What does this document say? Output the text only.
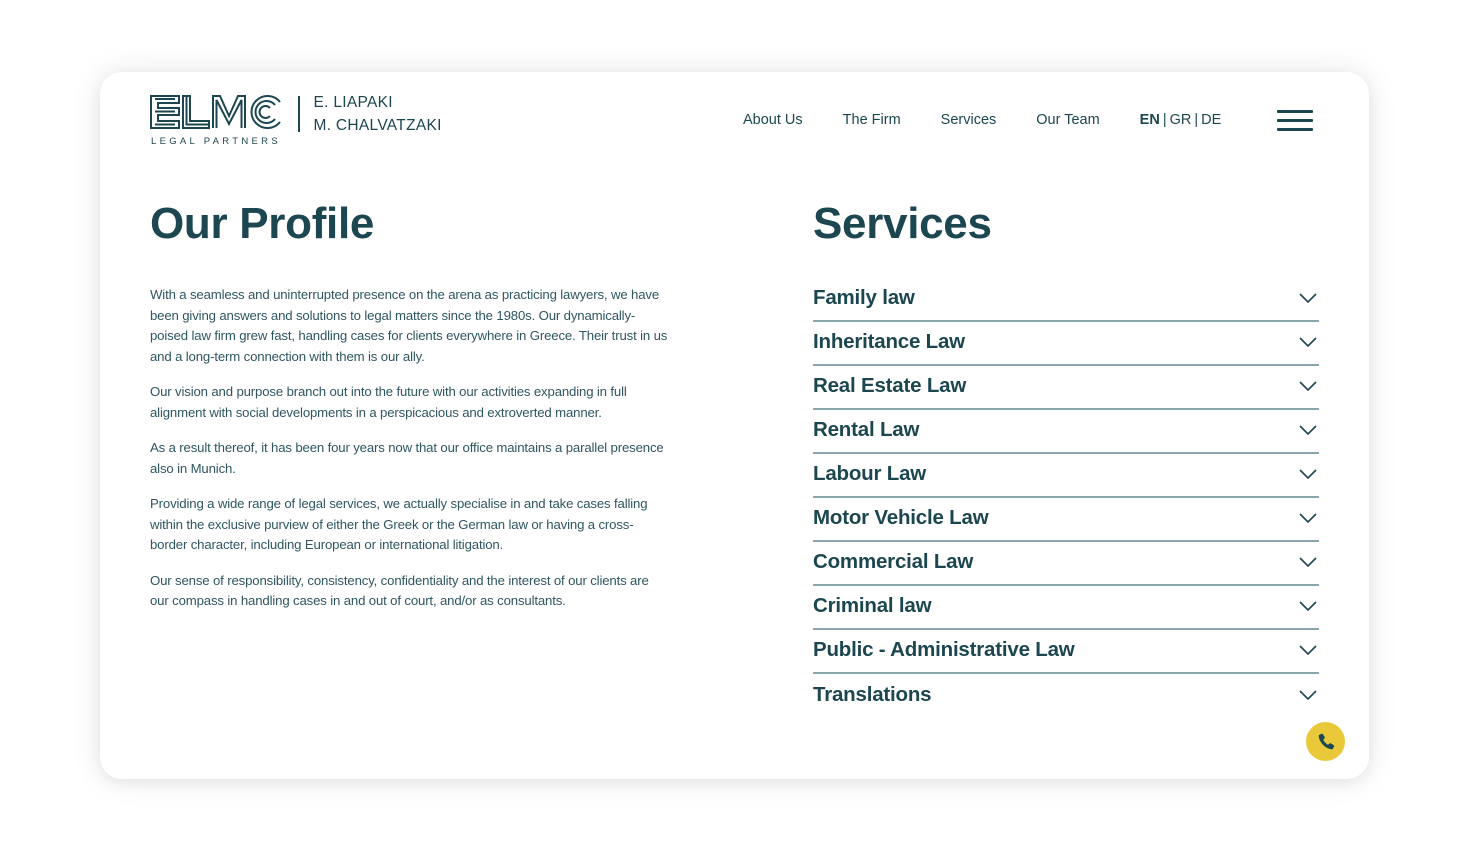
LEGAL PARTNERS
E. LIAPAKI
M. CHALVATZAKI	About Us	The Firm	Services	Our Team	EN | GR | DE
Our Profile

With a seamless and uninterrupted presence on the arena as practicing lawyers, we have been giving answers and solutions to legal matters since the 1980s. Our dynamically-poised law firm grew fast, handling cases for clients everywhere in Greece. Their trust in us and a long-term connection with them is our ally.

Our vision and purpose branch out into the future with our activities expanding in full alignment with social developments in a perspicacious and extroverted manner.

As a result thereof, it has been four years now that our office maintains a parallel presence also in Munich.

Providing a wide range of legal services, we actually specialise in and take cases falling within the exclusive purview of either the Greek or the German law or having a cross-border character, including European or international litigation.

Our sense of responsibility, consistency, confidentiality and the interest of our clients are our compass in handling cases in and out of court, and/or as consultants.

Services
Family law
Inheritance Law
Real Estate Law
Rental Law
Labour Law
Motor Vehicle Law
Commercial Law
Criminal law
Public - Administrative Law
Translations
